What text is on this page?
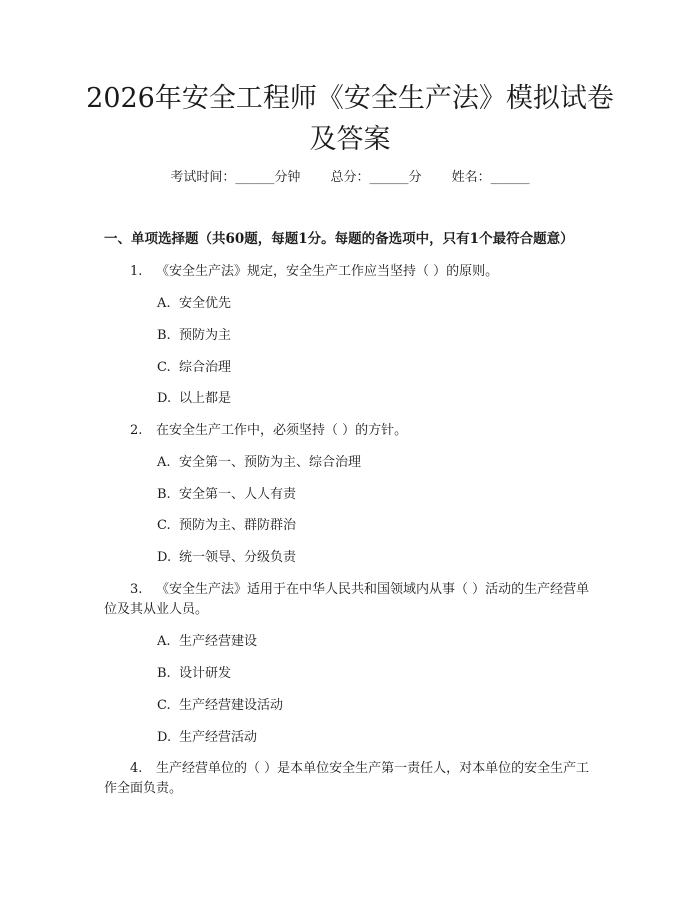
2026年安全工程师《安全生产法》模拟试卷及答案
考试时间：______分钟 总分：______分 姓名：______
一、单项选择题（共60题，每题1分。每题的备选项中，只有1个最符合题意）

1. 《安全生产法》规定，安全生产工作应当坚持（ ）的原则。

A. 安全优先

B. 预防为主

C. 综合治理

D. 以上都是

2. 在安全生产工作中，必须坚持（ ）的方针。

A. 安全第一、预防为主、综合治理

B. 安全第一、人人有责

C. 预防为主、群防群治

D. 统一领导、分级负责

3. 《安全生产法》适用于在中华人民共和国领域内从事（ ）活动的生产经营单位及其从业人员。

A. 生产经营建设

B. 设计研发

C. 生产经营建设活动

D. 生产经营活动

4. 生产经营单位的（ ）是本单位安全生产第一责任人，对本单位的安全生产工作全面负责。
